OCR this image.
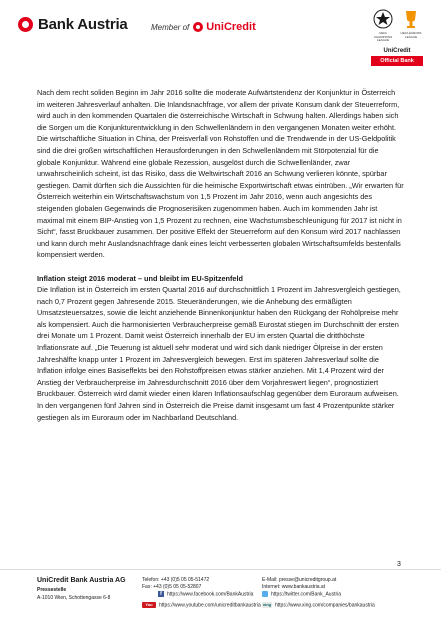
Bank Austria	Member of UniCredit	UEFA CHAMPIONS LEAGUE
UEFA EUROPA LEAGUE
UniCredit
Official Bank

Nach dem recht soliden Beginn im Jahr 2016 sollte die moderate Aufwärtstendenz der Konjunktur in Österreich im weiteren Jahresverlauf anhalten. Die Inlandsnachfrage, vor allem der private Konsum dank der Steuerreform, wird auch in den kommenden Quartalen die österreichische Wirtschaft in Schwung halten. Allerdings haben sich die Sorgen um die Konjunkturentwicklung in den Schwellenländern in den vergangenen Monaten weiter erhöht. Die wirtschaftliche Situation in China, der Preisverfall von Rohstoffen und die Trendwende in der US-Geldpolitik sind die drei großen wirtschaftlichen Herausforderungen in den Schwellenländern mit Störpotenzial für die globale Konjunktur. Während eine globale Rezession, ausgelöst durch die Schwellenländer, zwar unwahrscheinlich scheint, ist das Risiko, dass die Weltwirtschaft 2016 an Schwung verlieren könnte, spürbar gestiegen. Damit dürften sich die Aussichten für die heimische Exportwirtschaft etwas eintrüben. „Wir erwarten für Österreich weiterhin ein Wirtschaftswachstum von 1,5 Prozent im Jahr 2016, wenn auch angesichts des steigenden globalen Gegenwinds die Prognoserisiken zugenommen haben. Auch im kommenden Jahr ist maximal mit einem BIP-Anstieg von 1,5 Prozent zu rechnen, eine Wachstumsbeschleunigung für 2017 ist nicht in Sicht“, fasst Bruckbauer zusammen. Der positive Effekt der Steuerreform auf den Konsum wird 2017 nachlassen und kann durch mehr Auslandsnachfrage dank eines leicht verbesserten globalen Wirtschaftsumfelds bestenfalls kompensiert werden.

Inflation steigt 2016 moderat – und bleibt im EU-Spitzenfeld

Die Inflation ist in Österreich im ersten Quartal 2016 auf durchschnittlich 1 Prozent im Jahresvergleich gestiegen, nach 0,7 Prozent gegen Jahresende 2015. Steueränderungen, wie die Anhebung des ermäßigten Umsatzsteuersatzes, sowie die leicht anziehende Binnenkonjunktur haben den Rückgang der Rohölpreise mehr als kompensiert. Auch die harmonisierten Verbraucherpreise gemäß Eurostat stiegen im Durchschnitt der ersten drei Monate um 1 Prozent. Damit weist Österreich innerhalb der EU im ersten Quartal die dritthöchste Inflationsrate auf. „Die Teuerung ist aktuell sehr moderat und wird sich dank niedriger Ölpreise in der ersten Jahreshälfte knapp unter 1 Prozent im Jahresvergleich bewegen. Erst im späteren Jahresverlauf sollte die Inflation infolge eines Basiseffekts bei den Rohstoffpreisen etwas stärker anziehen. Mit 1,4 Prozent wird der Anstieg der Verbraucherpreise im Jahresdurchschnitt 2016 über dem Vorjahreswert liegen“, prognostiziert Bruckbauer. Österreich wird damit wieder einen klaren Inflationsaufschlag gegenüber dem Euroraum aufweisen. In den vergangenen fünf Jahren sind in Österreich die Preise damit insgesamt um fast 4 Prozentpunkte stärker gestiegen als im Euroraum oder im Nachbarland Deutschland.

3
UniCredit Bank Austria AG
Pressestelle
A-1010 Wien, Schottengasse 6-8
Telefon: +43 (0)5 05 05-51472
Fax: +43 (0)5 05 05-52807
E-Mail: presse@unicreditgroup.at
Internet: www.bankaustria.at
f https://www.facebook.com/BankAustria	https://twitter.com/Bank_Austria
You https://www.youtube.com/unicreditbankaustria xing https://www.xing.com/companies/bankaustria
